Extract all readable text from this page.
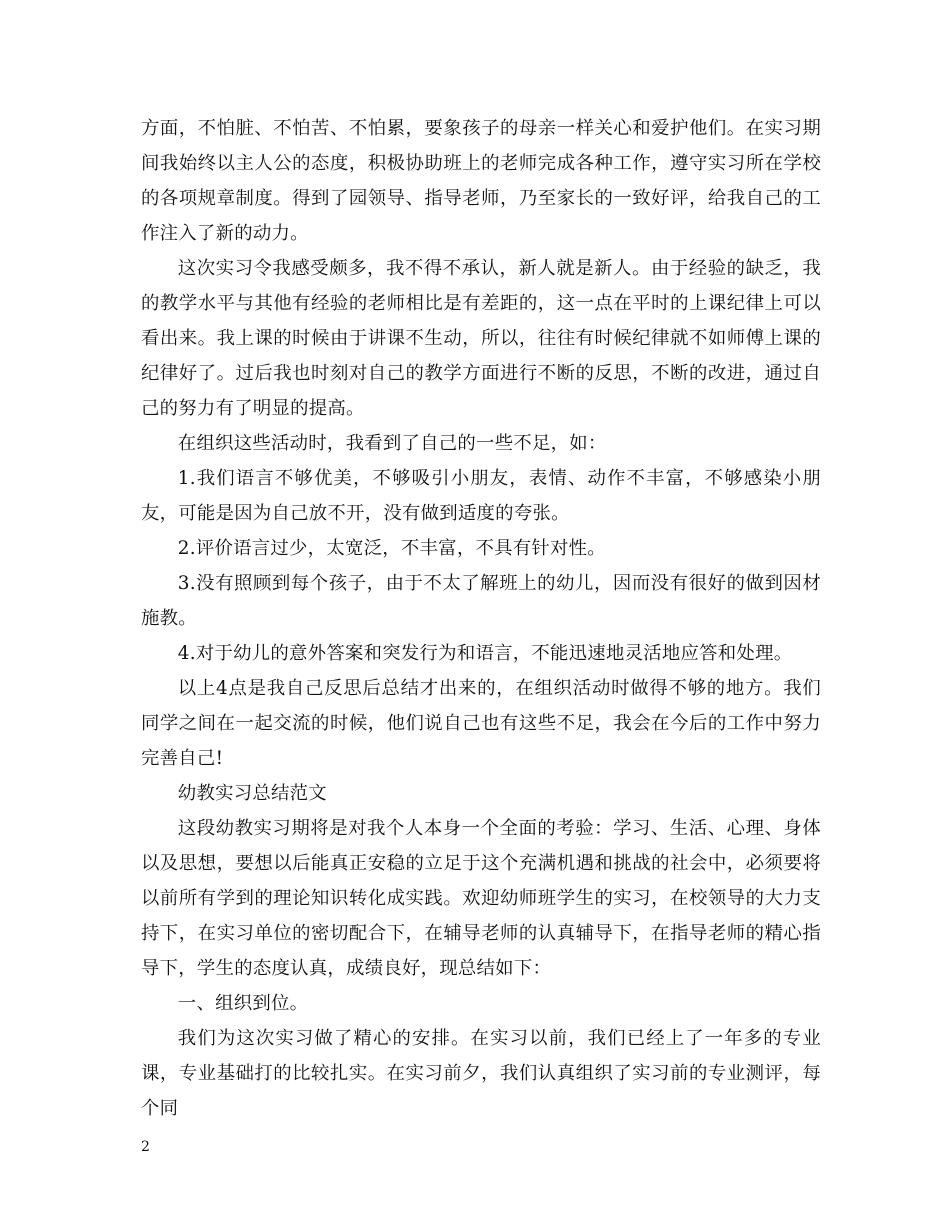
方面，不怕脏、不怕苦、不怕累，要象孩子的母亲一样关心和爱护他们。在实习期间我始终以主人公的态度，积极协助班上的老师完成各种工作，遵守实习所在学校的各项规章制度。得到了园领导、指导老师，乃至家长的一致好评，给我自己的工作注入了新的动力。

这次实习令我感受颇多，我不得不承认，新人就是新人。由于经验的缺乏，我的教学水平与其他有经验的老师相比是有差距的，这一点在平时的上课纪律上可以看出来。我上课的时候由于讲课不生动，所以，往往有时候纪律就不如师傅上课的纪律好了。过后我也时刻对自己的教学方面进行不断的反思，不断的改进，通过自己的努力有了明显的提高。

在组织这些活动时，我看到了自己的一些不足，如：

1.我们语言不够优美，不够吸引小朋友，表情、动作不丰富，不够感染小朋友，可能是因为自己放不开，没有做到适度的夸张。

2.评价语言过少，太宽泛，不丰富，不具有针对性。

3.没有照顾到每个孩子，由于不太了解班上的幼儿，因而没有很好的做到因材施教。

4.对于幼儿的意外答案和突发行为和语言，不能迅速地灵活地应答和处理。

以上4点是我自己反思后总结才出来的，在组织活动时做得不够的地方。我们同学之间在一起交流的时候，他们说自己也有这些不足，我会在今后的工作中努力完善自己!

幼教实习总结范文

这段幼教实习期将是对我个人本身一个全面的考验：学习、生活、心理、身体以及思想，要想以后能真正安稳的立足于这个充满机遇和挑战的社会中，必须要将以前所有学到的理论知识转化成实践。欢迎幼师班学生的实习，在校领导的大力支持下，在实习单位的密切配合下，在辅导老师的认真辅导下，在指导老师的精心指导下，学生的态度认真，成绩良好，现总结如下：

一、组织到位。

我们为这次实习做了精心的安排。在实习以前，我们已经上了一年多的专业课，专业基础打的比较扎实。在实习前夕，我们认真组织了实习前的专业测评，每个同

2
